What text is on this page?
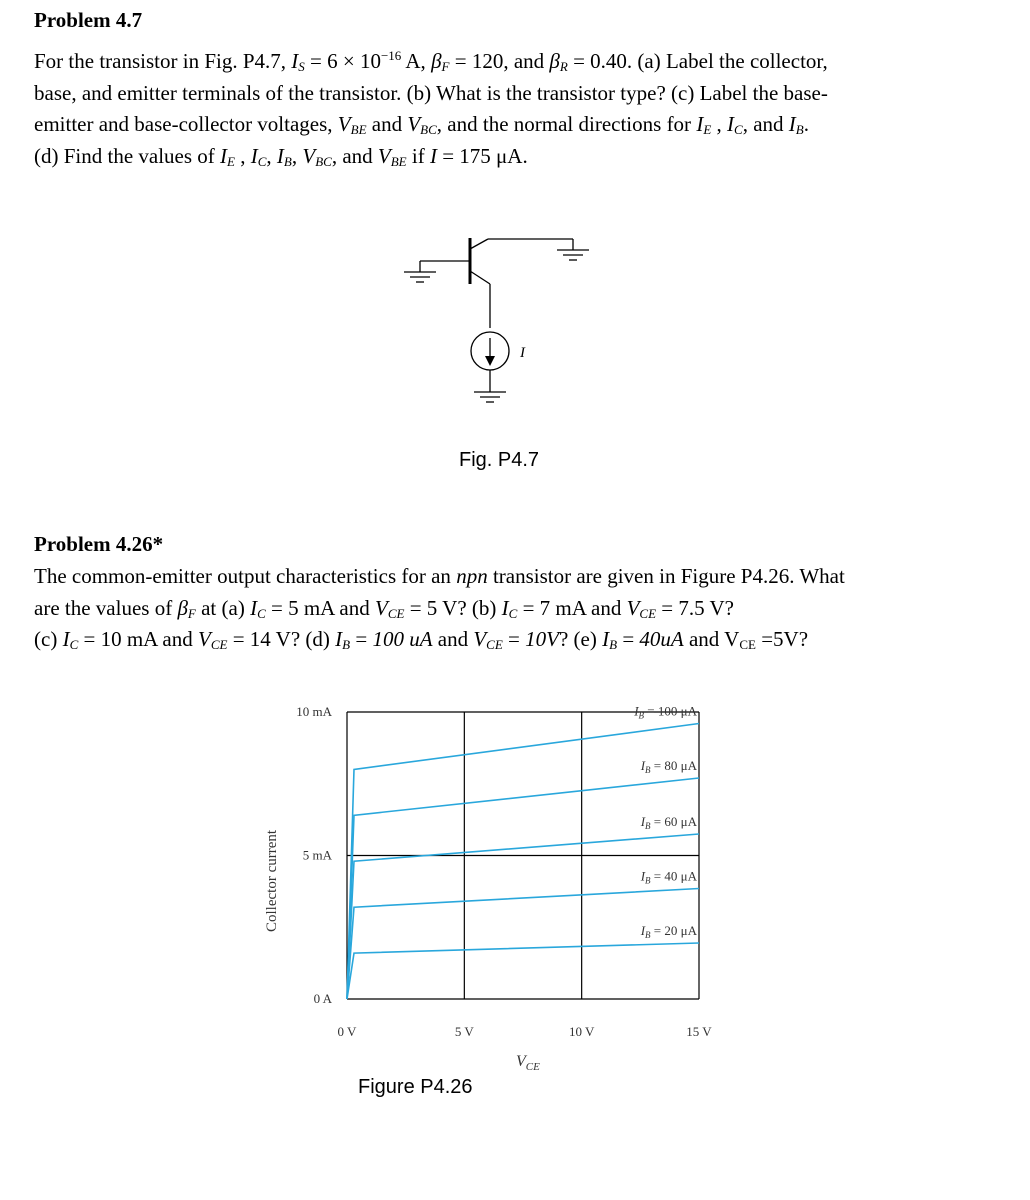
Problem 4.7
For the transistor in Fig. P4.7, $I_S = 6 \times 10^{-16}$ A, $\beta_F = 120$, and $\beta_R = 0.40$. (a) Label the collector,
base, and emitter terminals of the transistor. (b) What is the transistor type? (c) Label the base-
emitter and base-collector voltages, $V_{BE}$ and $V_{BC}$, and the normal directions for $I_E$ , $I_C$, and $I_B$.
(d) Find the values of $I_E$ , $I_C$, $I_B$, $V_{BC}$, and $V_{BE}$ if I = 175 μA.
I
Fig. P4.7
Problem 4.26*
The common-emitter output characteristics for an npn transistor are given in Figure P4.26. What
are the values of $\beta_F$ at (a) $I_C = 5$ mA and $V_{CE} = 5$ V? (b) $I_C = 7$ mA and $V_{CE} = 7.5$ V?
(c) $I_C = 10$ mA and $V_{CE} = 14$ V? (d) $I_B = 100$ uA and $V_{CE} = 10V$? (e) $I_B = 40uA$ and $V_{CE} =5V$?
0 V	5 V	10 V	15 V
0 A
5 mA
10 mA	$I_B = 100$ μA
$I_B = 80$ μA
$I_B = 60$ μA
$I_B = 40$ μA
$I_B = 20$ μA
Collector current
$V_{CE}$
Figure P4.26
